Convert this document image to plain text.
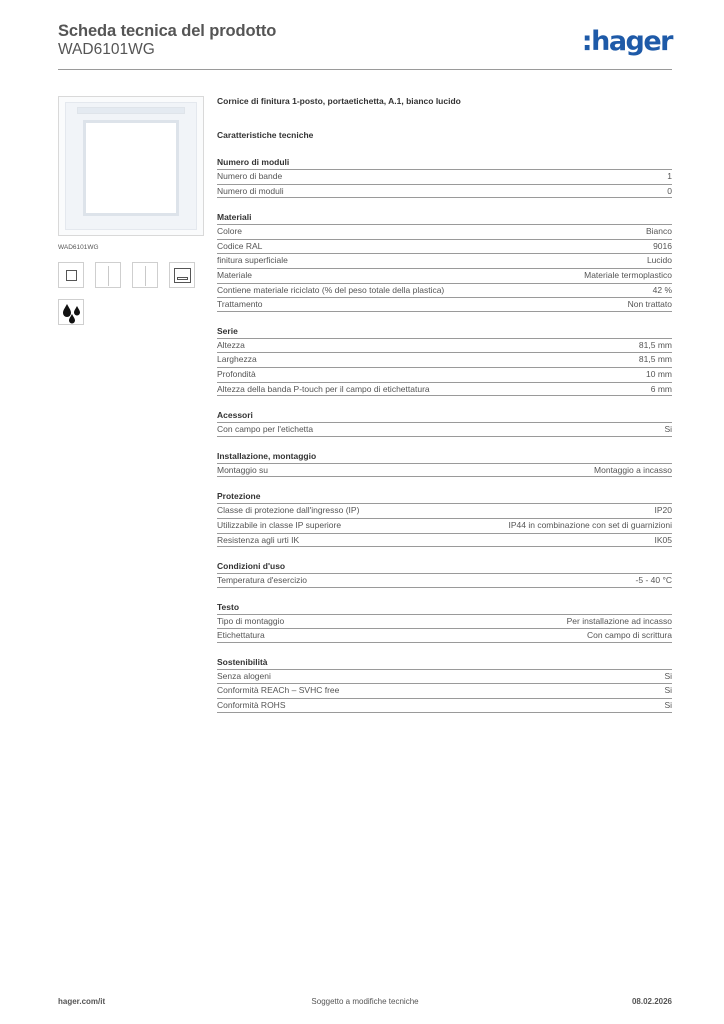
Scheda tecnica del prodotto
WAD6101WG	:hager
WAD6101WG
Cornice di finitura 1-posto, portaetichetta, A.1, bianco lucido
Caratteristiche tecniche
Numero di moduli
Numero di bande	1
Numero di moduli	0
Materiali
Colore	Bianco
Codice RAL	9016
finitura superficiale	Lucido
Materiale	Materiale termoplastico
Contiene materiale riciclato (% del peso totale della plastica)	42 %
Trattamento	Non trattato
Serie
Altezza	81,5 mm
Larghezza	81,5 mm
Profondità	10 mm
Altezza della banda P-touch per il campo di etichettatura	6 mm
Acessori
Con campo per l'etichetta	Si
Installazione, montaggio
Montaggio su	Montaggio a incasso
Protezione
Classe di protezione dall'ingresso (IP)	IP20
Utilizzabile in classe IP superiore	IP44 in combinazione con set di guarnizioni
Resistenza agli urti IK	IK05
Condizioni d'uso
Temperatura d'esercizio	-5 - 40 °C
Testo
Tipo di montaggio	Per installazione ad incasso
Etichettatura	Con campo di scrittura
Sostenibilità
Senza alogeni	Si
Conformità REACh – SVHC free	Si
Conformità ROHS	Si
hager.com/it	Soggetto a modifiche tecniche	08.02.2026
